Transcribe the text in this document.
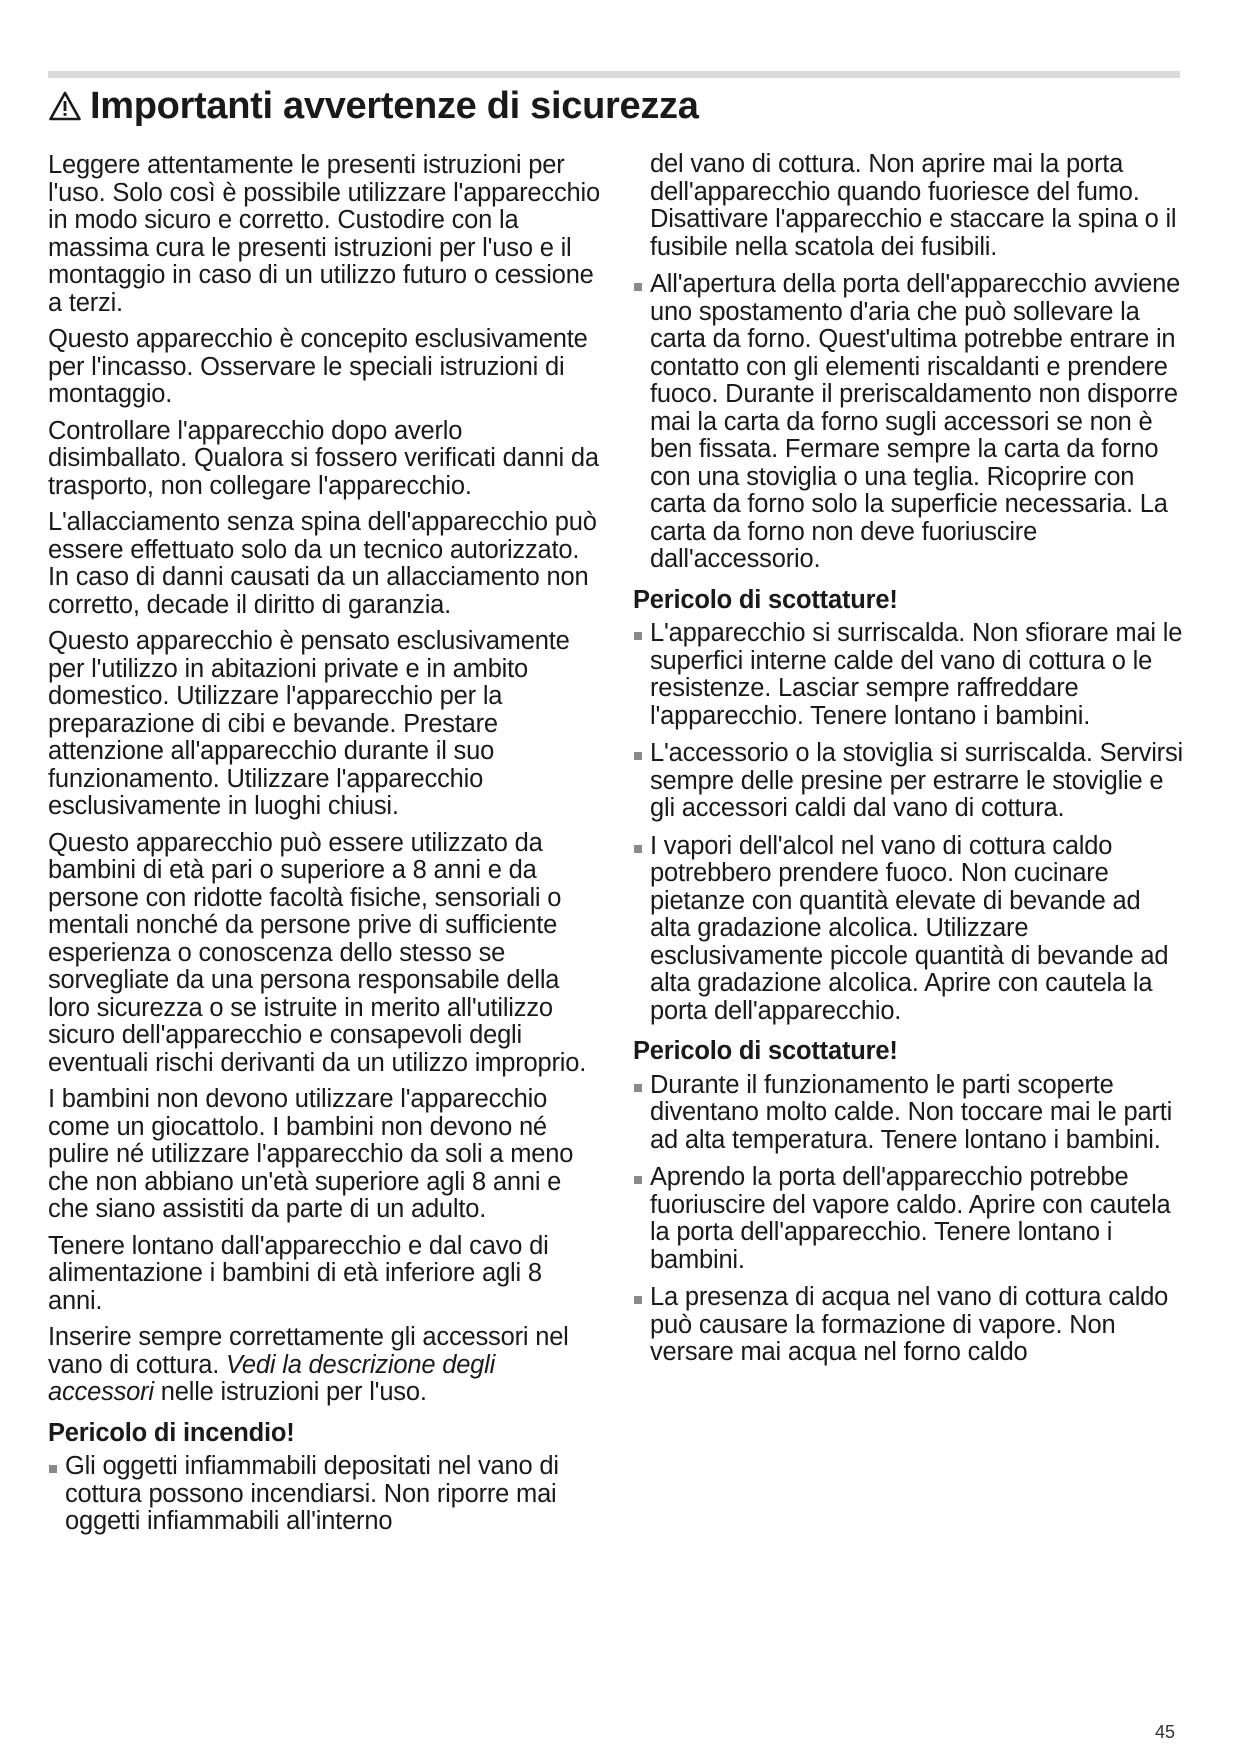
Importanti avvertenze di sicurezza

Leggere attentamente le presenti istruzioni per l'uso. Solo così è possibile utilizzare l'apparecchio in modo sicuro e corretto. Custodire con la massima cura le presenti istruzioni per l'uso e il montaggio in caso di un utilizzo futuro o cessione a terzi.

Questo apparecchio è concepito esclusivamente per l'incasso. Osservare le speciali istruzioni di montaggio.

Controllare l'apparecchio dopo averlo disimballato. Qualora si fossero verificati danni da trasporto, non collegare l'apparecchio.

L'allacciamento senza spina dell'apparecchio può essere effettuato solo da un tecnico autorizzato. In caso di danni causati da un allacciamento non corretto, decade il diritto di garanzia.

Questo apparecchio è pensato esclusivamente per l'utilizzo in abitazioni private e in ambito domestico. Utilizzare l'apparecchio per la preparazione di cibi e bevande. Prestare attenzione all'apparecchio durante il suo funzionamento. Utilizzare l'apparecchio esclusivamente in luoghi chiusi.

Questo apparecchio può essere utilizzato da bambini di età pari o superiore a 8 anni e da persone con ridotte facoltà fisiche, sensoriali o mentali nonché da persone prive di sufficiente esperienza o conoscenza dello stesso se sorvegliate da una persona responsabile della loro sicurezza o se istruite in merito all'utilizzo sicuro dell'apparecchio e consapevoli degli eventuali rischi derivanti da un utilizzo improprio.

I bambini non devono utilizzare l'apparecchio come un giocattolo. I bambini non devono né pulire né utilizzare l'apparecchio da soli a meno che non abbiano un'età superiore agli 8 anni e che siano assistiti da parte di un adulto.

Tenere lontano dall'apparecchio e dal cavo di alimentazione i bambini di età inferiore agli 8 anni.

Inserire sempre correttamente gli accessori nel vano di cottura. Vedi la descrizione degli accessori nelle istruzioni per l'uso.

Pericolo di incendio!
Gli oggetti infiammabili depositati nel vano di cottura possono incendiarsi. Non riporre mai oggetti infiammabili all'interno
del vano di cottura. Non aprire mai la porta dell'apparecchio quando fuoriesce del fumo. Disattivare l'apparecchio e staccare la spina o il fusibile nella scatola dei fusibili.
All'apertura della porta dell'apparecchio avviene uno spostamento d'aria che può sollevare la carta da forno. Quest'ultima potrebbe entrare in contatto con gli elementi riscaldanti e prendere fuoco. Durante il preriscaldamento non disporre mai la carta da forno sugli accessori se non è ben fissata. Fermare sempre la carta da forno con una stoviglia o una teglia. Ricoprire con carta da forno solo la superficie necessaria. La carta da forno non deve fuoriuscire dall'accessorio.
Pericolo di scottature!
L'apparecchio si surriscalda. Non sfiorare mai le superfici interne calde del vano di cottura o le resistenze. Lasciar sempre raffreddare l'apparecchio. Tenere lontano i bambini.
L'accessorio o la stoviglia si surriscalda. Servirsi sempre delle presine per estrarre le stoviglie e gli accessori caldi dal vano di cottura.
I vapori dell'alcol nel vano di cottura caldo potrebbero prendere fuoco. Non cucinare pietanze con quantità elevate di bevande ad alta gradazione alcolica. Utilizzare esclusivamente piccole quantità di bevande ad alta gradazione alcolica. Aprire con cautela la porta dell'apparecchio.
Pericolo di scottature!
Durante il funzionamento le parti scoperte diventano molto calde. Non toccare mai le parti ad alta temperatura. Tenere lontano i bambini.
Aprendo la porta dell'apparecchio potrebbe fuoriuscire del vapore caldo. Aprire con cautela la porta dell'apparecchio. Tenere lontano i bambini.
La presenza di acqua nel vano di cottura caldo può causare la formazione di vapore. Non versare mai acqua nel forno caldo
45
